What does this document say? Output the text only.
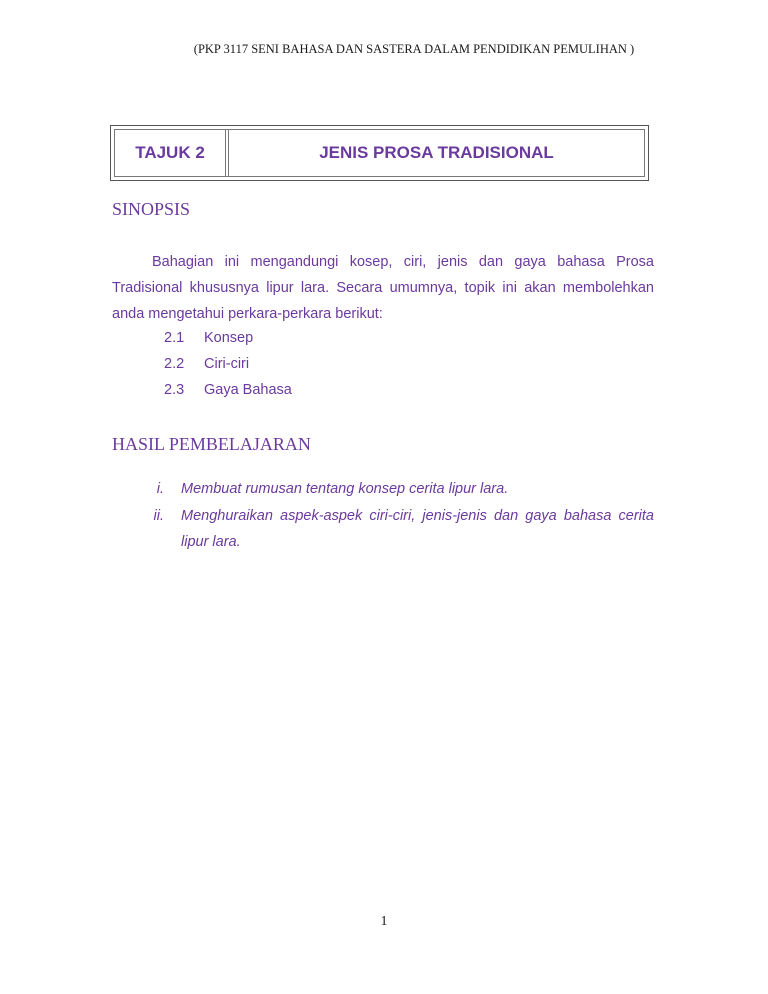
(PKP 3117 SENI BAHASA DAN SASTERA DALAM PENDIDIKAN PEMULIHAN )
TAJUK 2	JENIS PROSA TRADISIONAL
SINOPSIS
Bahagian ini mengandungi kosep, ciri, jenis dan gaya bahasa Prosa Tradisional khususnya lipur lara. Secara umumnya, topik ini akan membolehkan anda mengetahui perkara-perkara berikut:
2.1 Konsep
2.2 Ciri-ciri
2.3 Gaya Bahasa
HASIL PEMBELAJARAN
i. Membuat rumusan tentang konsep cerita lipur lara.
ii. Menghuraikan aspek-aspek ciri-ciri, jenis-jenis dan gaya bahasa cerita lipur lara.
1
